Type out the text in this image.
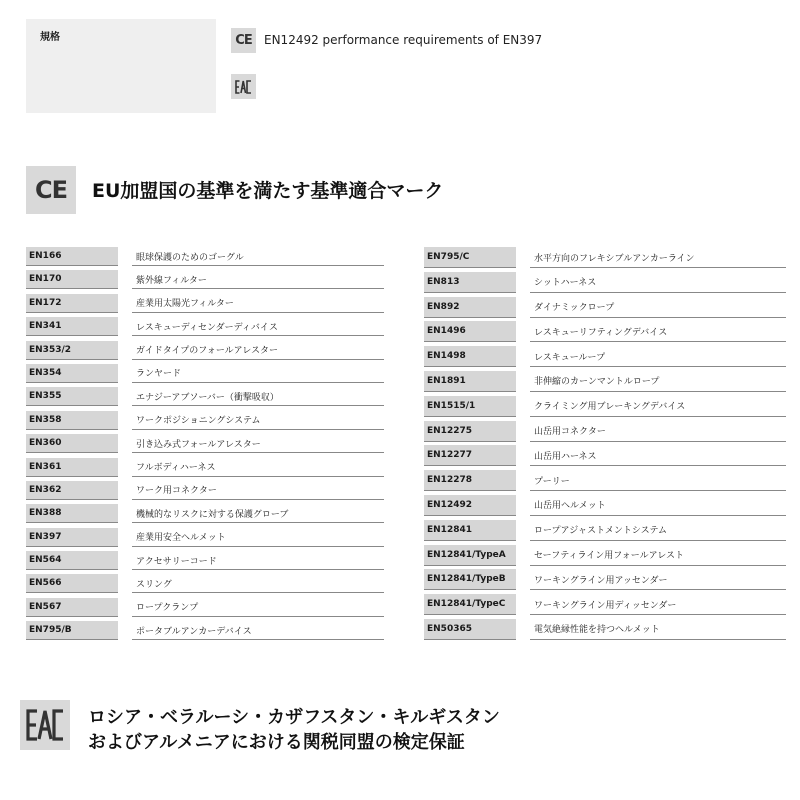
規格	CE EN12492 performance requirements of EN397
CE EU加盟国の基準を満たす基準適合マーク
EN166	眼球保護のためのゴーグル
EN170	紫外線フィルター
EN172	産業用太陽光フィルター
EN341	レスキューディセンダーディバイス
EN353/2	ガイドタイプのフォールアレスター
EN354	ランヤード
EN355	エナジーアブソーバー（衝撃吸収）
EN358	ワークポジショニングシステム
EN360	引き込み式フォールアレスター
EN361	フルボディハーネス
EN362	ワーク用コネクター
EN388	機械的なリスクに対する保護グローブ
EN397	産業用安全ヘルメット
EN564	アクセサリーコード
EN566	スリング
EN567	ロープクランプ
EN795/B	ポータブルアンカーデバイス
EN795/C	水平方向のフレキシブルアンカーライン
EN813	シットハーネス
EN892	ダイナミックロープ
EN1496	レスキューリフティングデバイス
EN1498	レスキューループ
EN1891	非伸縮のカーンマントルロープ
EN1515/1	クライミング用ブレーキングデバイス
EN12275	山岳用コネクター
EN12277	山岳用ハーネス
EN12278	プーリー
EN12492	山岳用ヘルメット
EN12841	ロープアジャストメントシステム
EN12841/TypeA	セーフティライン用フォールアレスト
EN12841/TypeB	ワーキングライン用アッセンダー
EN12841/TypeC	ワーキングライン用ディッセンダー
EN50365	電気絶縁性能を持つヘルメット
ロシア・ベラルーシ・カザフスタン・キルギスタン
およびアルメニアにおける関税同盟の検定保証
